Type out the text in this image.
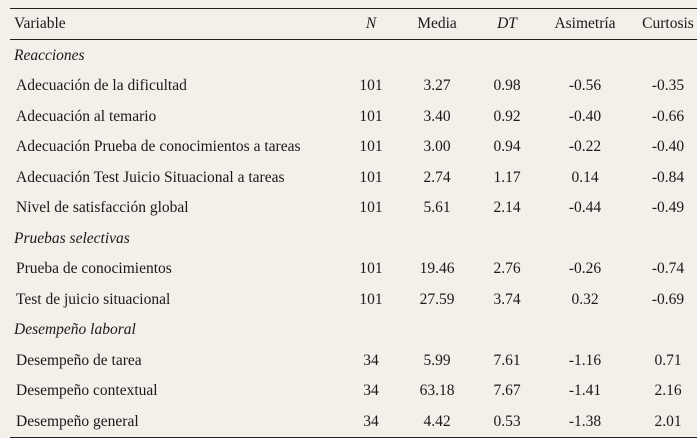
Variable	N	Media	DT	Asimetría	Curtosis
Reacciones					
Adecuación de la dificultad	101	3.27	0.98	-0.56	-0.35
Adecuación al temario	101	3.40	0.92	-0.40	-0.66
Adecuación Prueba de conocimientos a tareas	101	3.00	0.94	-0.22	-0.40
Adecuación Test Juicio Situacional a tareas	101	2.74	1.17	0.14	-0.84
Nivel de satisfacción global	101	5.61	2.14	-0.44	-0.49
Pruebas selectivas					
Prueba de conocimientos	101	19.46	2.76	-0.26	-0.74
Test de juicio situacional	101	27.59	3.74	0.32	-0.69
Desempeño laboral					
Desempeño de tarea	34	5.99	7.61	-1.16	0.71
Desempeño contextual	34	63.18	7.67	-1.41	2.16
Desempeño general	34	4.42	0.53	-1.38	2.01
